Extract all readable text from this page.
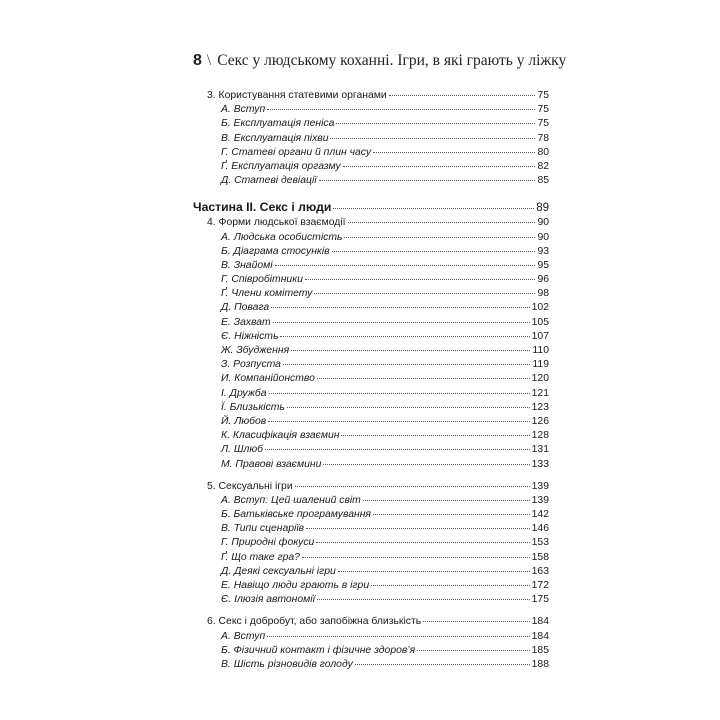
8 \ Секс у людському коханні. Ігри, в які грають у ліжку
3. Користування статевими органами	75
А. Вступ	75
Б. Експлуатація пеніса	75
В. Експлуатація піхви	78
Г. Статеві органи й плин часу	80
Ґ. Експлуатація оргазму	82
Д. Статеві девіації	85
Частина II. Секс і люди	89
4. Форми людської взаємодії	90
А. Людська особистість	90
Б. Діаграма стосунків	93
В. Знайомі	95
Г. Співробітники	96
Ґ. Члени комітету	98
Д. Повага	102
Е. Захват	105
Є. Ніжність	107
Ж. Збудження	110
З. Розпуста	119
И. Компанійонство	120
І. Дружба	121
Ї. Близькість	123
Й. Любов	126
К. Класифікація взаємин	128
Л. Шлюб	131
М. Правові взаємини	133
5. Сексуальні ігри	139
А. Вступ: Цей шалений світ	139
Б. Батьківське програмування	142
В. Типи сценаріїв	146
Г. Природні фокуси	153
Ґ. Що таке гра?	158
Д. Деякі сексуальні ігри	163
Е. Навіщо люди грають в ігри	172
Є. Ілюзія автономії	175
6. Секс і добробут, або запобіжна близькість	184
А. Вступ	184
Б. Фізичний контакт і фізичне здоров’я	185
В. Шість різновидів голоду	188
